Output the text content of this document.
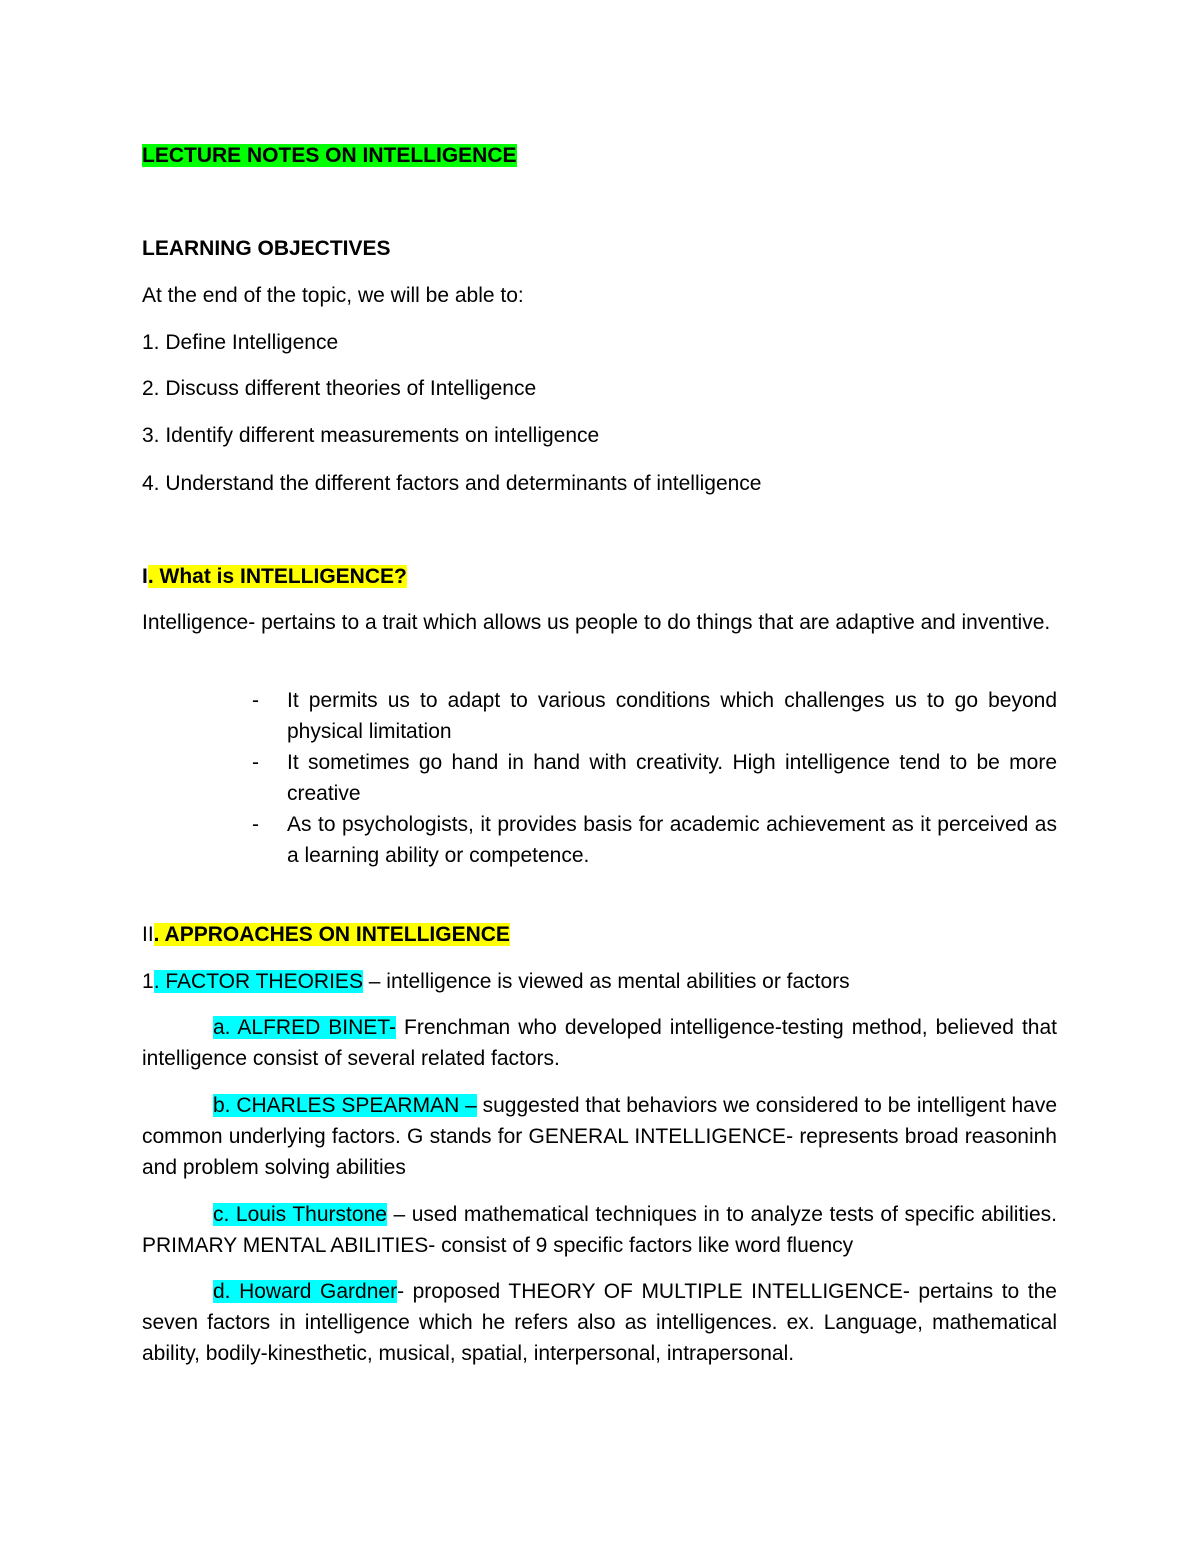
LECTURE NOTES ON INTELLIGENCE
LEARNING OBJECTIVES
At the end of the topic, we will be able to:
1. Define Intelligence
2. Discuss different theories of Intelligence
3. Identify different measurements on intelligence
4. Understand the different factors and determinants of intelligence
I. What is INTELLIGENCE?
Intelligence- pertains to a trait which allows us people to do things that are adaptive and inventive.
- It permits us to adapt to various conditions which challenges us to go beyond physical limitation
- It sometimes go hand in hand with creativity. High intelligence tend to be more creative
- As to psychologists, it provides basis for academic achievement as it perceived as a learning ability or competence.
II. APPROACHES ON INTELLIGENCE
1. FACTOR THEORIES – intelligence is viewed as mental abilities or factors
a. ALFRED BINET- Frenchman who developed intelligence-testing method, believed that intelligence consist of several related factors.
b. CHARLES SPEARMAN – suggested that behaviors we considered to be intelligent have common underlying factors. G stands for GENERAL INTELLIGENCE- represents broad reasoninh and problem solving abilities
c. Louis Thurstone – used mathematical techniques in to analyze tests of specific abilities. PRIMARY MENTAL ABILITIES- consist of 9 specific factors like word fluency
d. Howard Gardner- proposed THEORY OF MULTIPLE INTELLIGENCE- pertains to the seven factors in intelligence which he refers also as intelligences. ex. Language, mathematical ability, bodily-kinesthetic, musical, spatial, interpersonal, intrapersonal.
